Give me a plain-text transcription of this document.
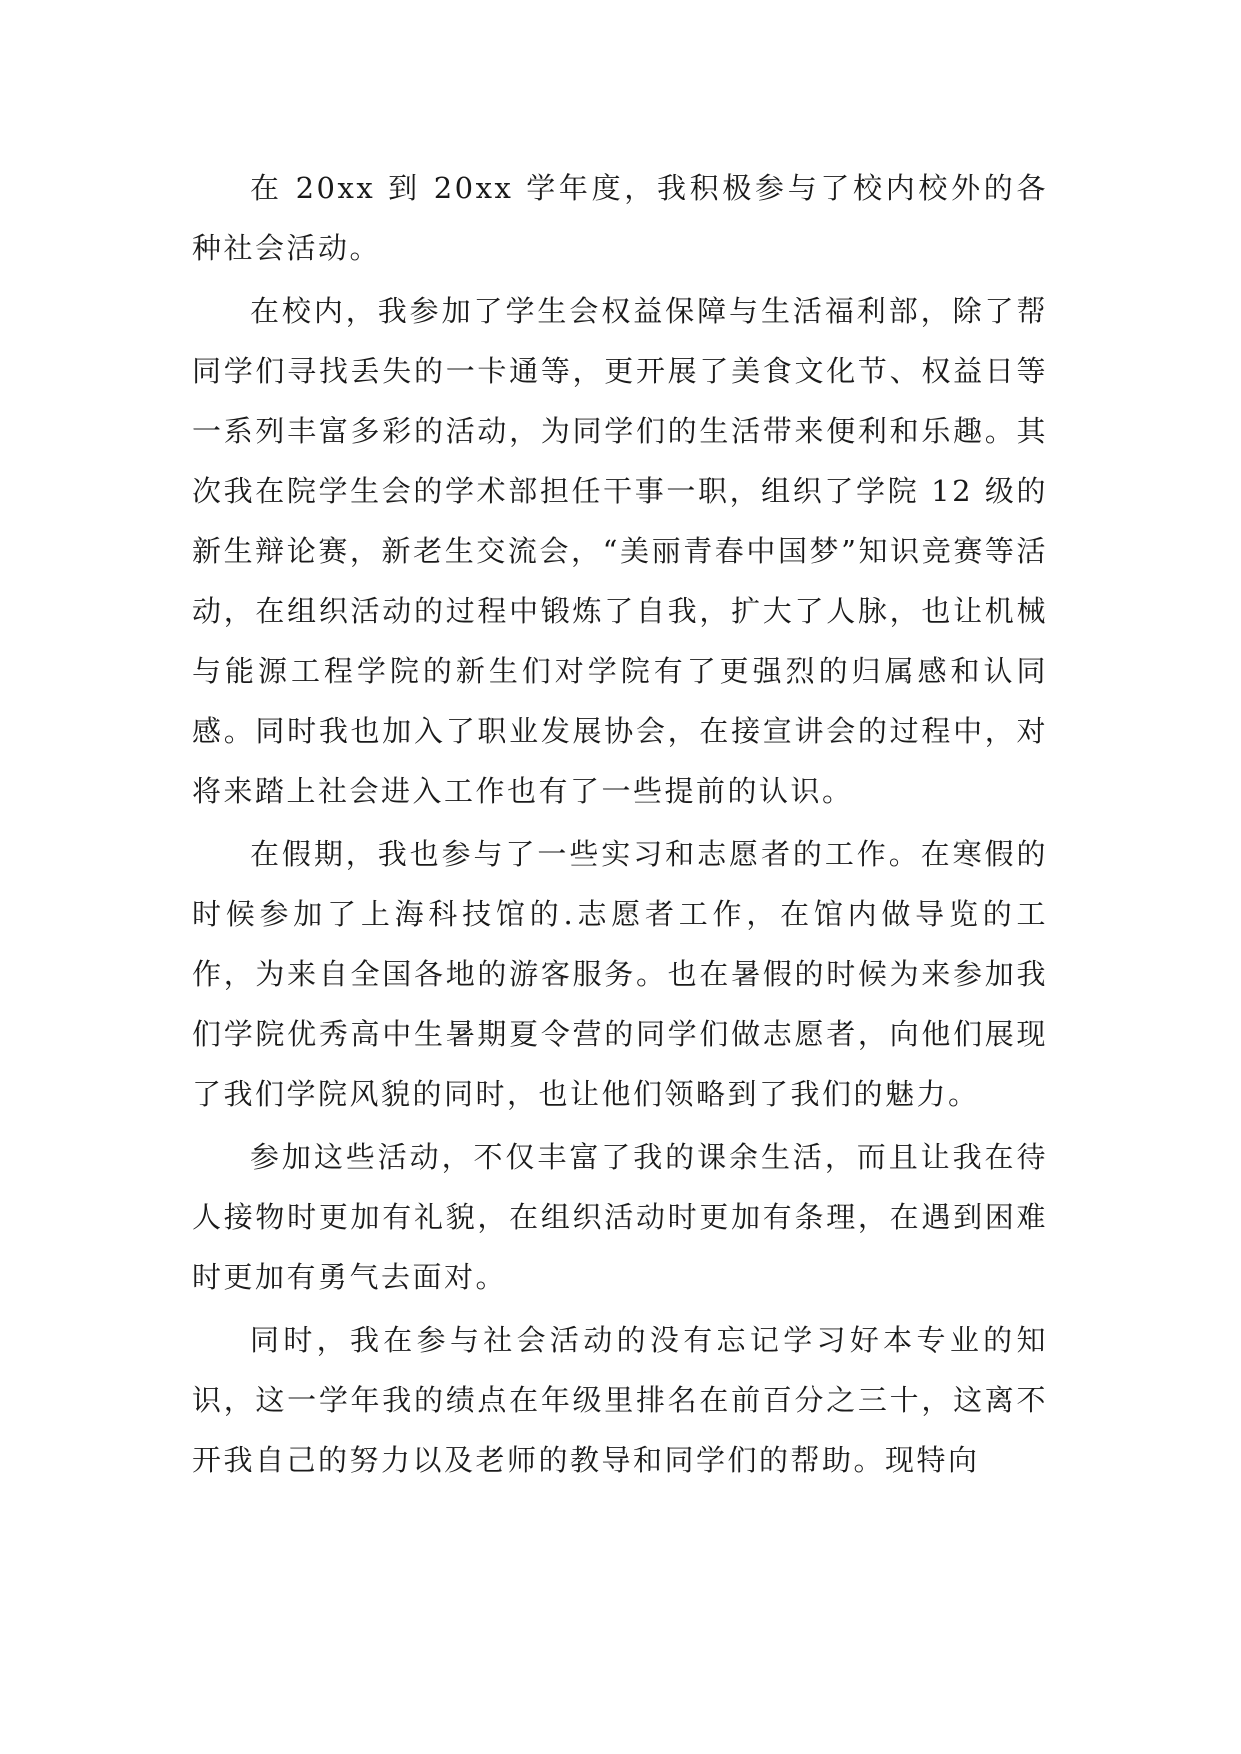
在 20xx 到 20xx 学年度，我积极参与了校内校外的各种社会活动。

在校内，我参加了学生会权益保障与生活福利部，除了帮同学们寻找丢失的一卡通等，更开展了美食文化节、权益日等一系列丰富多彩的活动，为同学们的生活带来便利和乐趣。其次我在院学生会的学术部担任干事一职，组织了学院 12 级的新生辩论赛，新老生交流会，“美丽青春中国梦”知识竞赛等活动，在组织活动的过程中锻炼了自我，扩大了人脉，也让机械与能源工程学院的新生们对学院有了更强烈的归属感和认同感。同时我也加入了职业发展协会，在接宣讲会的过程中，对将来踏上社会进入工作也有了一些提前的认识。

在假期，我也参与了一些实习和志愿者的工作。在寒假的时候参加了上海科技馆的.志愿者工作，在馆内做导览的工作，为来自全国各地的游客服务。也在暑假的时候为来参加我们学院优秀高中生暑期夏令营的同学们做志愿者，向他们展现了我们学院风貌的同时，也让他们领略到了我们的魅力。

参加这些活动，不仅丰富了我的课余生活，而且让我在待人接物时更加有礼貌，在组织活动时更加有条理，在遇到困难时更加有勇气去面对。

同时，我在参与社会活动的没有忘记学习好本专业的知识，这一学年我的绩点在年级里排名在前百分之三十，这离不开我自己的努力以及老师的教导和同学们的帮助。现特向
